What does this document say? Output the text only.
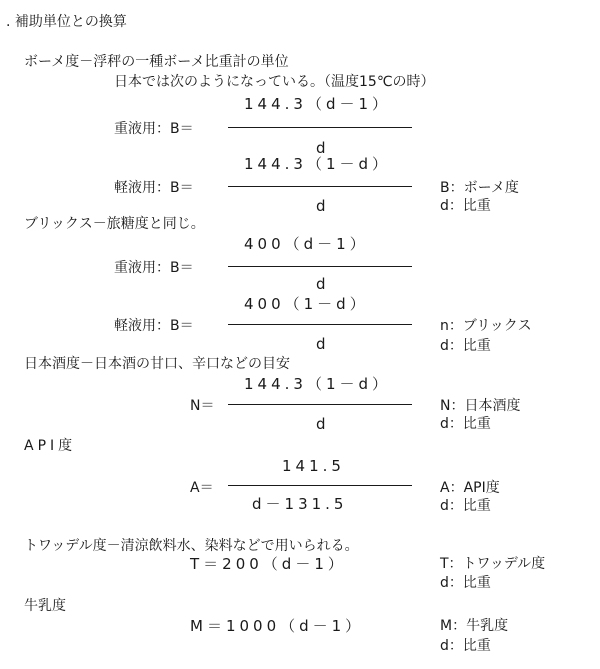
. 補助単位との換算
ボーメ度－浮秤の一種ボーメ比重計の単位
日本では次のようになっている。（温度15℃の時）
144.3（d－1）
重液用：B＝
d
144.3（1－d）
軽液用：B＝
d
B：ボーメ度
d：比重
ブリックス－旅糖度と同じ。
400（d－1）
重液用：B＝
d
400（1－d）
軽液用：B＝
d
n：ブリックス
d：比重
日本酒度－日本酒の甘口、辛口などの目安
144.3（1－d）
N＝
d
N：日本酒度
d：比重
API度
141.5
A＝
d－131.5
A：API度
d：比重
トワッデル度－清涼飲料水、染料などで用いられる。
T＝200（d－1）	T：トワッデル度
d：比重
牛乳度
M＝1000（d－1）	M：牛乳度
d：比重
